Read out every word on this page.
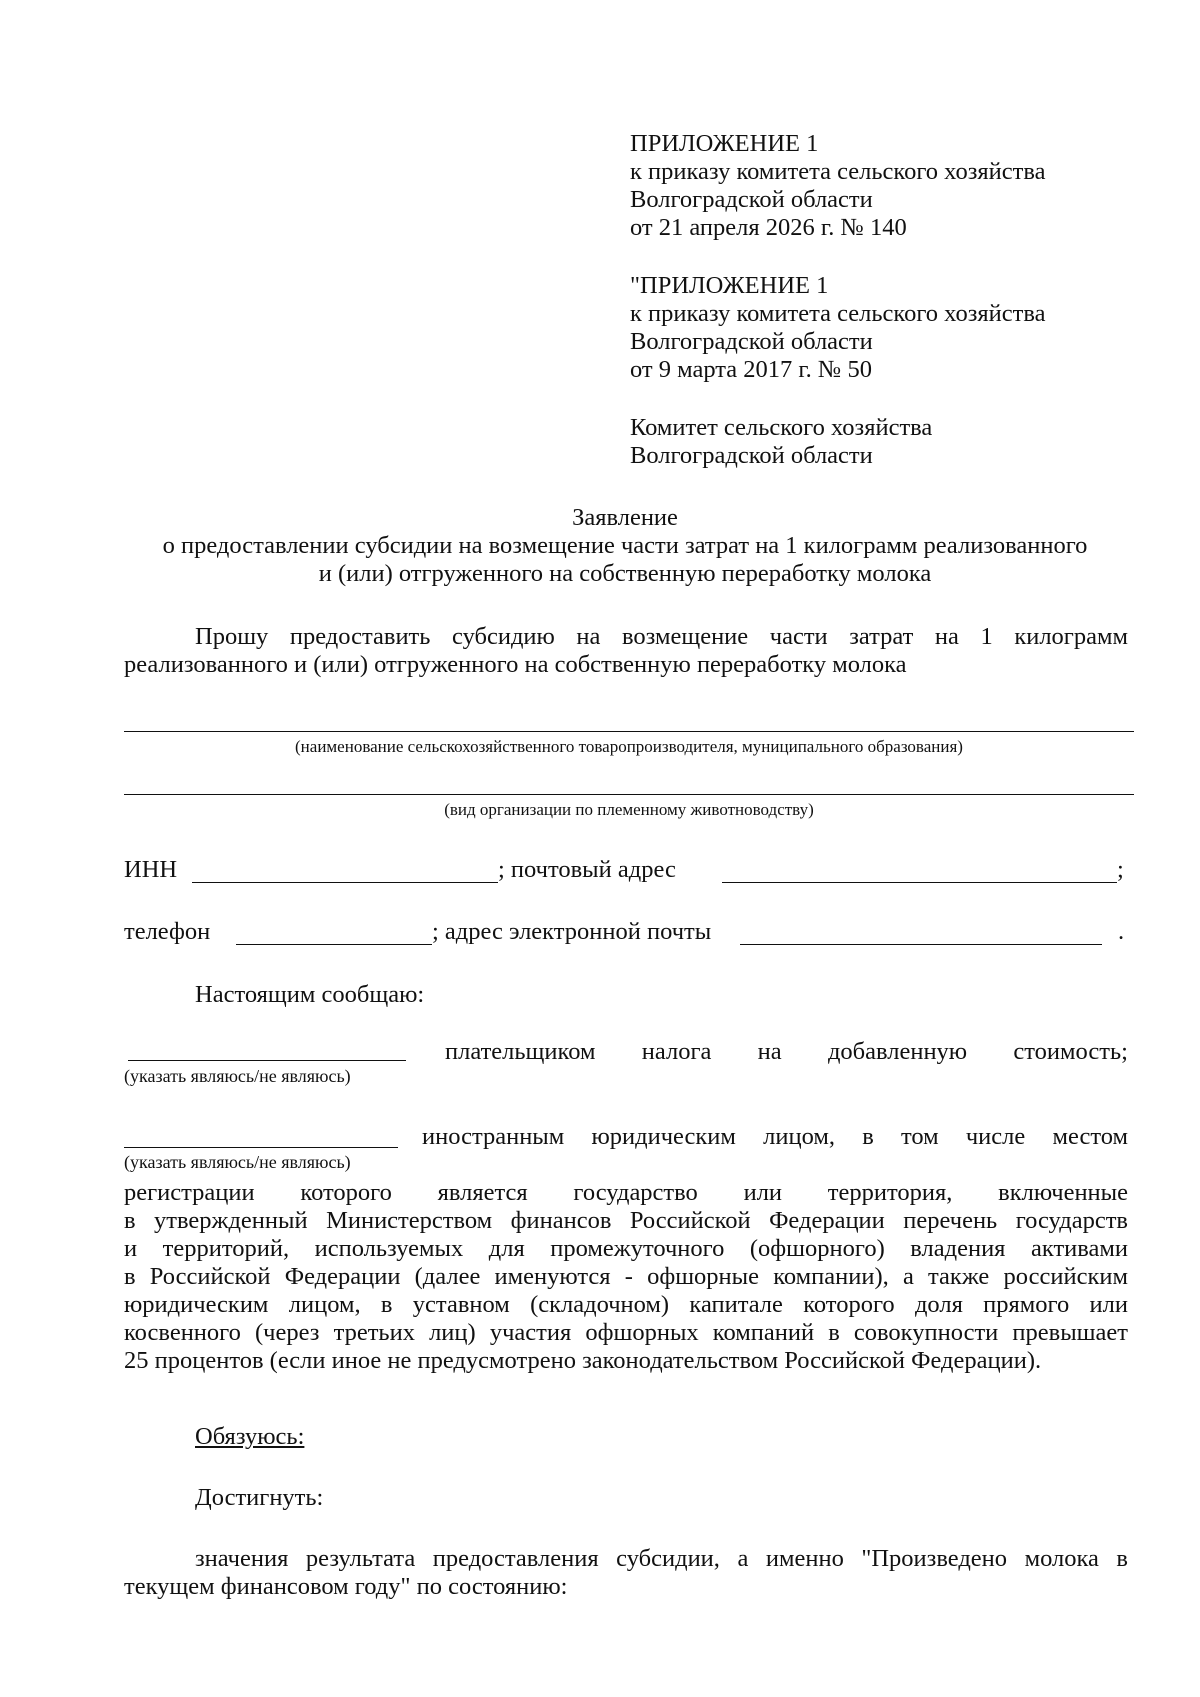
ПРИЛОЖЕНИЕ 1
к приказу комитета сельского хозяйства
Волгоградской области
от 21 апреля 2026 г. № 140
"ПРИЛОЖЕНИЕ 1
к приказу комитета сельского хозяйства
Волгоградской области
от 9 марта 2017 г. № 50
Комитет сельского хозяйства
Волгоградской области
Заявление
о предоставлении субсидии на возмещение части затрат на 1 килограмм реализованного
и (или) отгруженного на собственную переработку молока
Прошу предоставить субсидию на возмещение части затрат на 1 килограмм
реализованного и (или) отгруженного на собственную переработку молока
(наименование сельскохозяйственного товаропроизводителя, муниципального образования)
(вид организации по племенному животноводству)
ИНН	; почтовый адрес	;
телефон	; адрес электронной почты	.
Настоящим сообщаю:
(указать являюсь/не являюсь)
плательщиком налога на добавленную стоимость;
(указать являюсь/не являюсь)
иностранным юридическим лицом, в том числе местом
регистрации которого является государство или территория, включенные
в утвержденный Министерством финансов Российской Федерации перечень государств
и территорий, используемых для промежуточного (офшорного) владения активами
в Российской Федерации (далее именуются - офшорные компании), а также российским
юридическим лицом, в уставном (складочном) капитале которого доля прямого или
косвенного (через третьих лиц) участия офшорных компаний в совокупности превышает
25 процентов (если иное не предусмотрено законодательством Российской Федерации).
Обязуюсь:
Достигнуть:
значения результата предоставления субсидии, а именно "Произведено молока в
текущем финансовом году" по состоянию:
